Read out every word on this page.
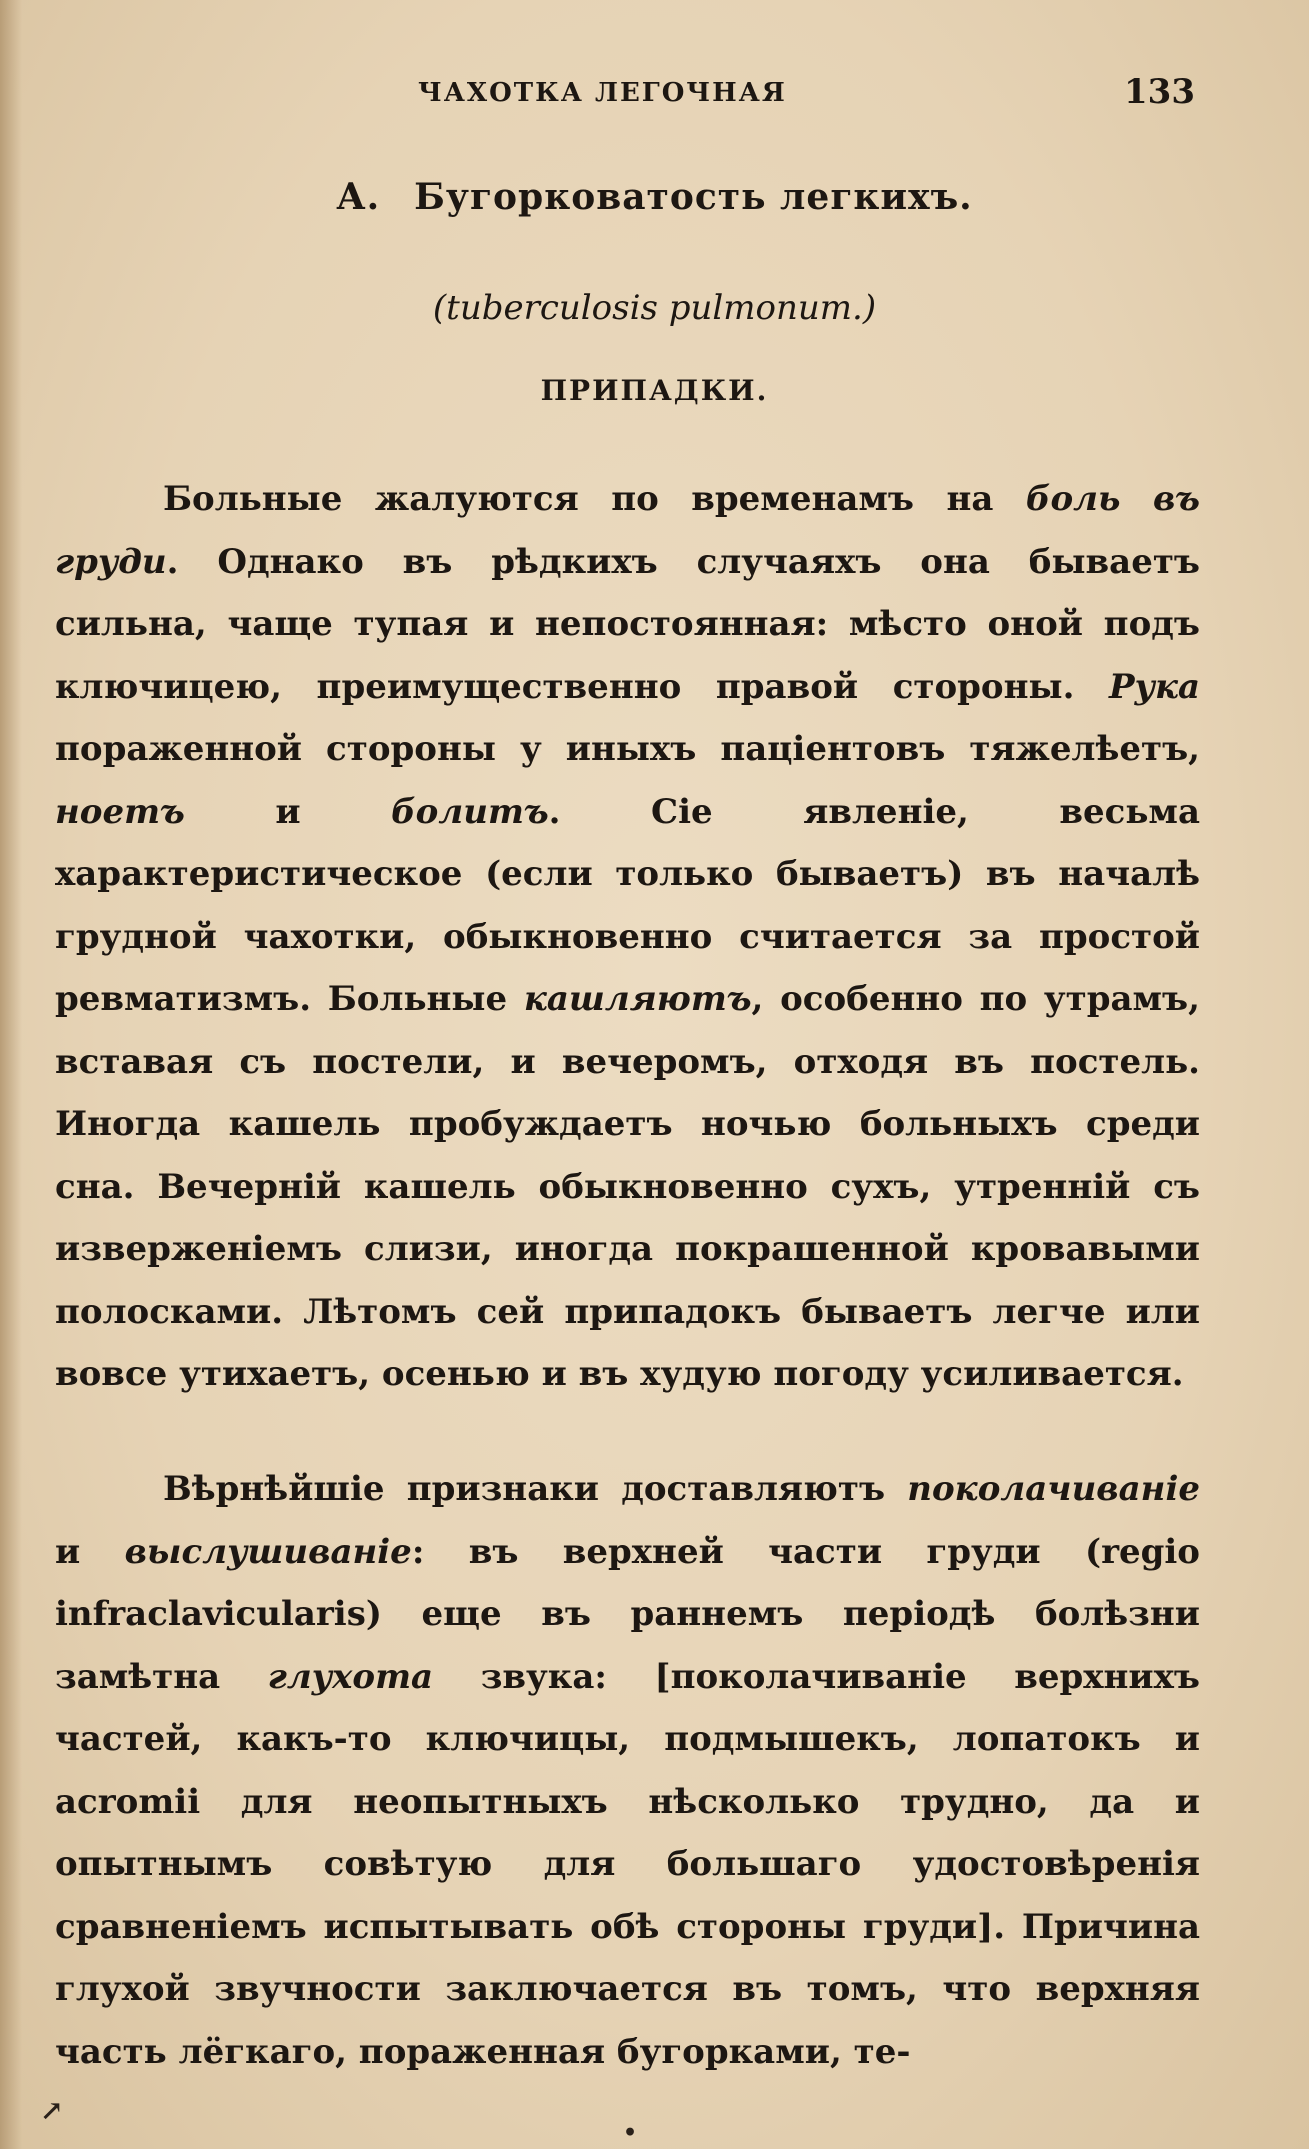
ЧАХОТКА ЛЕГОЧНАЯ	133
А. Бугорковатость легкихъ.
(tuberculosis pulmonum.)
ПРИПАДКИ.

Больные жалуются по временамъ на боль въ груди. Однако въ рѣдкихъ случаяхъ она бываетъ сильна, чаще тупая и непостоянная: мѣсто оной подъ ключицею, преимущественно правой стороны. Рука пораженной стороны у иныхъ паціентовъ тяжелѣетъ, ноетъ и болитъ. Сіе явленіе, весьма характеристическое (если только бываетъ) въ началѣ грудной чахотки, обыкновенно считается за простой ревматизмъ. Больные кашляютъ, особенно по утрамъ, вставая съ постели, и вечеромъ, отходя въ постель. Иногда кашель пробуждаетъ ночью больныхъ среди сна. Вечерній кашель обыкновенно сухъ, утренній съ изверженіемъ слизи, иногда покрашенной кровавыми полосками. Лѣтомъ сей припадокъ бываетъ легче или вовсе утихаетъ, осенью и въ худую погоду усиливается.

Вѣрнѣйшіе признаки доставляютъ поколачиваніе и выслушиваніе: въ верхней части груди (regio infraclavicularis) еще въ раннемъ періодѣ болѣзни замѣтна глухота звука: [поколачиваніе верхнихъ частей, какъ-то ключицы, подмышекъ, лопатокъ и acromii для неопытныхъ нѣсколько трудно, да и опытнымъ совѣтую для большаго удостовѣренія сравненіемъ испытывать обѣ стороны груди]. Причина глухой звучности заключается въ томъ, что верхняя часть лёгкаго, пораженная бугорками, те-

↗
•
